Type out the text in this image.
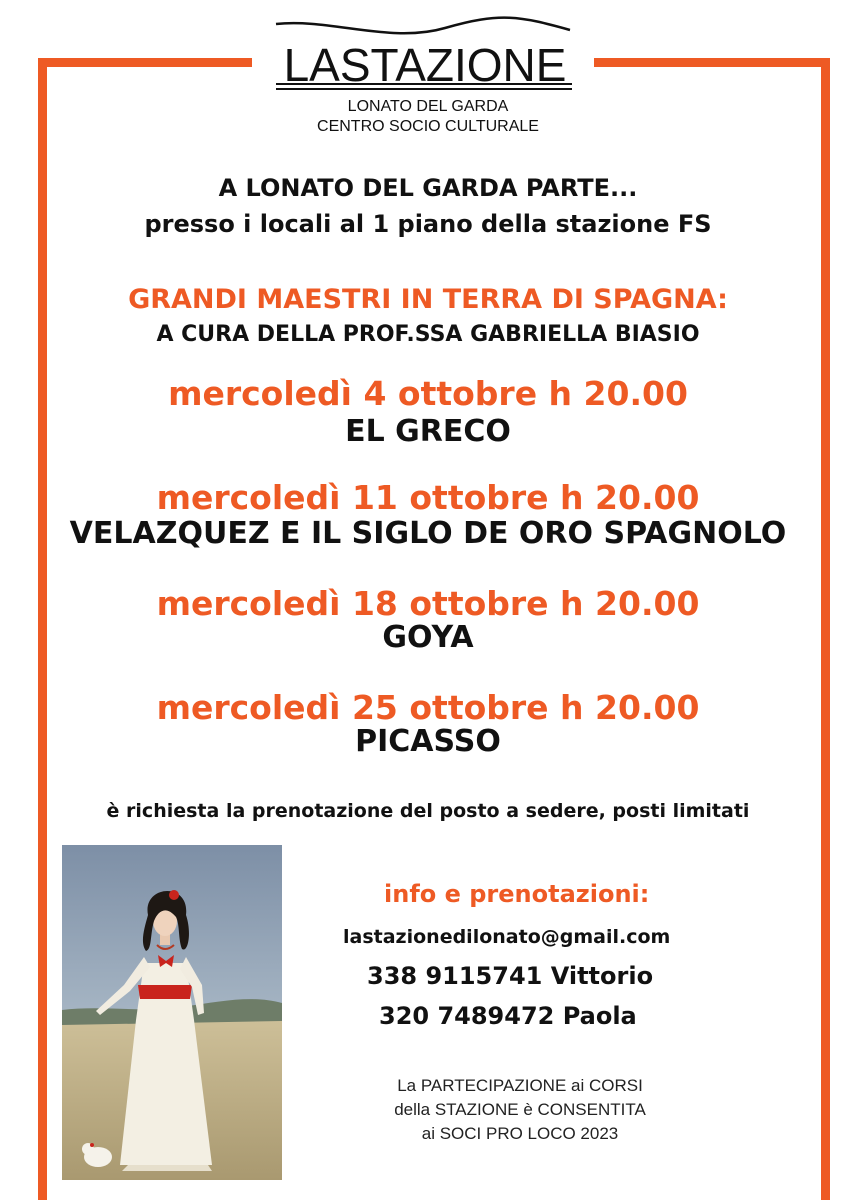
LASTAZIONE
LONATO DEL GARDA
CENTRO SOCIO CULTURALE
A LONATO DEL GARDA PARTE...
presso i locali al 1 piano della stazione FS
GRANDI MAESTRI IN TERRA DI SPAGNA:
A CURA DELLA PROF.SSA GABRIELLA BIASIO
mercoledì 4 ottobre h 20.00
EL GRECO
mercoledì 11 ottobre h 20.00
VELAZQUEZ E IL SIGLO DE ORO SPAGNOLO
mercoledì 18 ottobre h 20.00
GOYA
mercoledì 25 ottobre h 20.00
PICASSO
è richiesta la prenotazione del posto a sedere, posti limitati
info e prenotazioni:
lastazionedilonato@gmail.com
338 9115741 Vittorio
320 7489472 Paola
La PARTECIPAZIONE ai CORSI
della STAZIONE è CONSENTITA
ai SOCI PRO LOCO 2023
